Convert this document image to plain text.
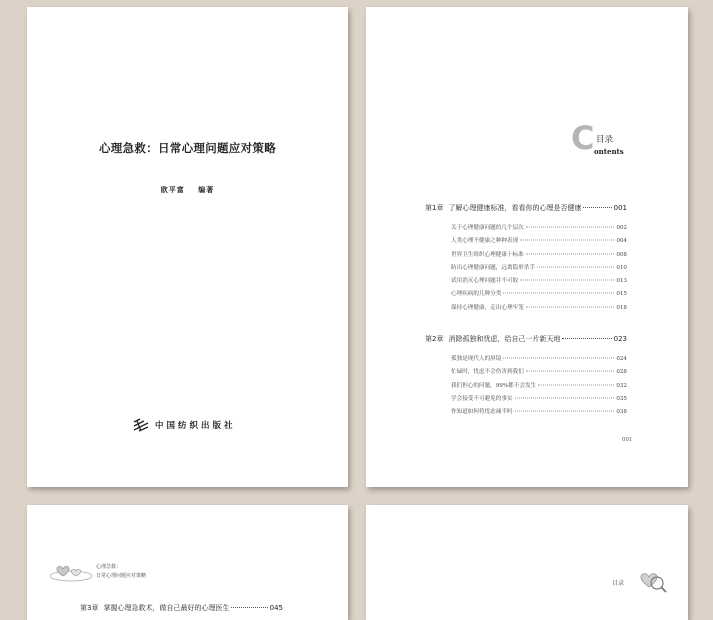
心理急救：日常心理问题应对策略
欧平富 编著
中国纺织出版社
C 目录
ontents
第1章 了解心理健康标准，看看你的心理是否健康	001
关于心理健康问题的几个层次	002
人类心理不健康之种种表现	004
世界卫生组织心理健康十标准	008
防出心理健康问题，远离隐形杀手	010
试用消灭心理问题并不可取	013
心理疾病的几种分类	015
保持心理健康，走出心理牢笼	018
第2章 消除孤独和忧虑，给自己一片新天地	023
孤独是现代人的屏镜	024
忙碌时，忧虑不会伤害到我们	028
我们担心的问题，99%都不会发生	032
学会接受不可避免的事实	035
你知道如何将忧虑减半吗	038
001
心理急救：
日常心理问题应对策略
第3章 掌握心理急救术，做自己最好的心理医生	045
目录
